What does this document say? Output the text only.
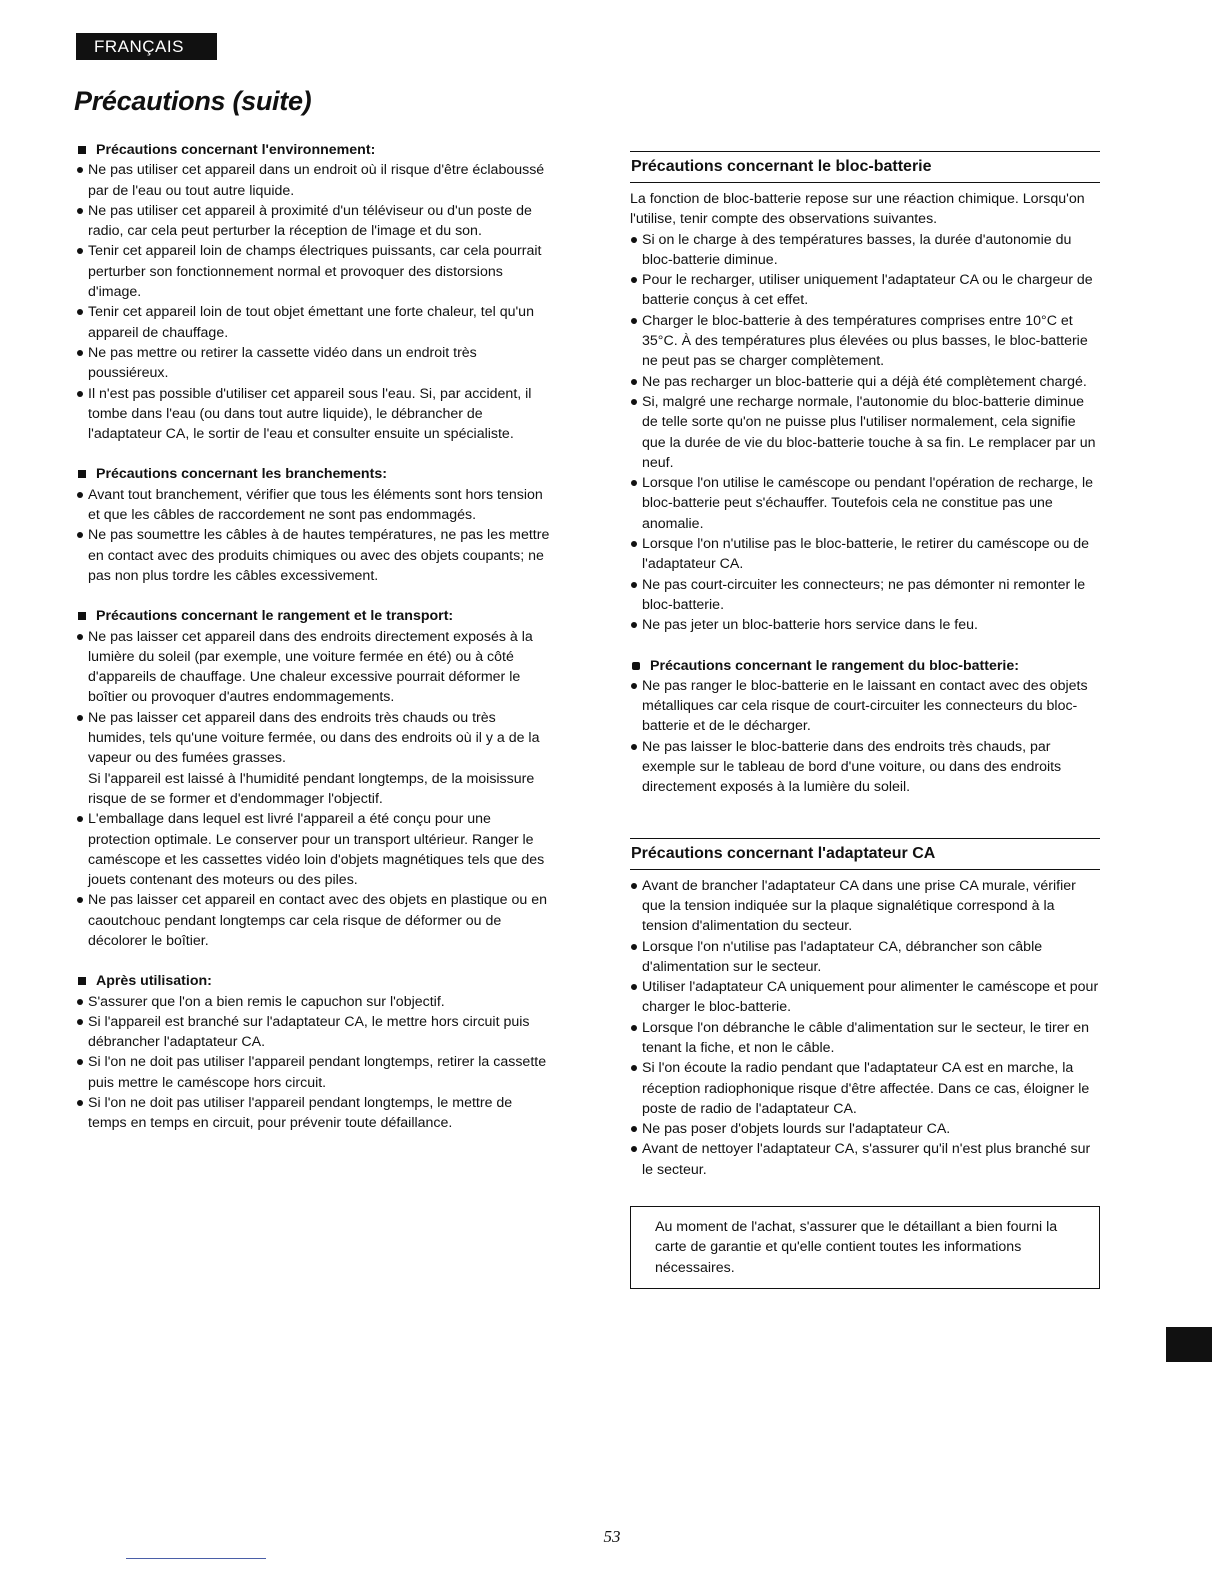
FRANÇAIS
Précautions (suite)

Précautions concernant l'environnement:

Ne pas utiliser cet appareil dans un endroit où il risque d'être éclaboussé par de l'eau ou tout autre liquide.
Ne pas utiliser cet appareil à proximité d'un téléviseur ou d'un poste de radio, car cela peut perturber la réception de l'image et du son.
Tenir cet appareil loin de champs électriques puissants, car cela pourrait perturber son fonctionnement normal et provoquer des distorsions d'image.
Tenir cet appareil loin de tout objet émettant une forte chaleur, tel qu'un appareil de chauffage.
Ne pas mettre ou retirer la cassette vidéo dans un endroit très poussiéreux.
Il n'est pas possible d'utiliser cet appareil sous l'eau. Si, par accident, il tombe dans l'eau (ou dans tout autre liquide), le débrancher de l'adaptateur CA, le sortir de l'eau et consulter ensuite un spécialiste.

Précautions concernant les branchements:

Avant tout branchement, vérifier que tous les éléments sont hors tension et que les câbles de raccordement ne sont pas endommagés.
Ne pas soumettre les câbles à de hautes températures, ne pas les mettre en contact avec des produits chimiques ou avec des objets coupants; ne pas non plus tordre les câbles excessivement.

Précautions concernant le rangement et le transport:

Ne pas laisser cet appareil dans des endroits directement exposés à la lumière du soleil (par exemple, une voiture fermée en été) ou à côté d'appareils de chauffage. Une chaleur excessive pourrait déformer le boîtier ou provoquer d'autres endommagements.
Ne pas laisser cet appareil dans des endroits très chauds ou très humides, tels qu'une voiture fermée, ou dans des endroits où il y a de la vapeur ou des fumées grasses.
Si l'appareil est laissé à l'humidité pendant longtemps, de la moisissure risque de se former et d'endommager l'objectif.
L'emballage dans lequel est livré l'appareil a été conçu pour une protection optimale. Le conserver pour un transport ultérieur. Ranger le caméscope et les cassettes vidéo loin d'objets magnétiques tels que des jouets contenant des moteurs ou des piles.
Ne pas laisser cet appareil en contact avec des objets en plastique ou en caoutchouc pendant longtemps car cela risque de déformer ou de décolorer le boîtier.

Après utilisation:

S'assurer que l'on a bien remis le capuchon sur l'objectif.
Si l'appareil est branché sur l'adaptateur CA, le mettre hors circuit puis débrancher l'adaptateur CA.
Si l'on ne doit pas utiliser l'appareil pendant longtemps, retirer la cassette puis mettre le caméscope hors circuit.
Si l'on ne doit pas utiliser l'appareil pendant longtemps, le mettre de temps en temps en circuit, pour prévenir toute défaillance.
Précautions concernant le bloc-batterie

La fonction de bloc-batterie repose sur une réaction chimique. Lorsqu'on l'utilise, tenir compte des observations suivantes.

Si on le charge à des températures basses, la durée d'autonomie du bloc-batterie diminue.
Pour le recharger, utiliser uniquement l'adaptateur CA ou le chargeur de batterie conçus à cet effet.
Charger le bloc-batterie à des températures comprises entre 10°C et 35°C. À des températures plus élevées ou plus basses, le bloc-batterie ne peut pas se charger complètement.
Ne pas recharger un bloc-batterie qui a déjà été complètement chargé.
Si, malgré une recharge normale, l'autonomie du bloc-batterie diminue de telle sorte qu'on ne puisse plus l'utiliser normalement, cela signifie que la durée de vie du bloc-batterie touche à sa fin. Le remplacer par un neuf.
Lorsque l'on utilise le caméscope ou pendant l'opération de recharge, le bloc-batterie peut s'échauffer. Toutefois cela ne constitue pas une anomalie.
Lorsque l'on n'utilise pas le bloc-batterie, le retirer du caméscope ou de l'adaptateur CA.
Ne pas court-circuiter les connecteurs; ne pas démonter ni remonter le bloc-batterie.
Ne pas jeter un bloc-batterie hors service dans le feu.

Précautions concernant le rangement du bloc-batterie:

Ne pas ranger le bloc-batterie en le laissant en contact avec des objets métalliques car cela risque de court-circuiter les connecteurs du bloc-batterie et de le décharger.
Ne pas laisser le bloc-batterie dans des endroits très chauds, par exemple sur le tableau de bord d'une voiture, ou dans des endroits directement exposés à la lumière du soleil.
Précautions concernant l'adaptateur CA
Avant de brancher l'adaptateur CA dans une prise CA murale, vérifier que la tension indiquée sur la plaque signalétique correspond à la tension d'alimentation du secteur.
Lorsque l'on n'utilise pas l'adaptateur CA, débrancher son câble d'alimentation sur le secteur.
Utiliser l'adaptateur CA uniquement pour alimenter le caméscope et pour charger le bloc-batterie.
Lorsque l'on débranche le câble d'alimentation sur le secteur, le tirer en tenant la fiche, et non le câble.
Si l'on écoute la radio pendant que l'adaptateur CA est en marche, la réception radiophonique risque d'être affectée. Dans ce cas, éloigner le poste de radio de l'adaptateur CA.
Ne pas poser d'objets lourds sur l'adaptateur CA.
Avant de nettoyer l'adaptateur CA, s'assurer qu'il n'est plus branché sur le secteur.
Au moment de l'achat, s'assurer que le détaillant a bien fourni la carte de garantie et qu'elle contient toutes les informations nécessaires.
53
